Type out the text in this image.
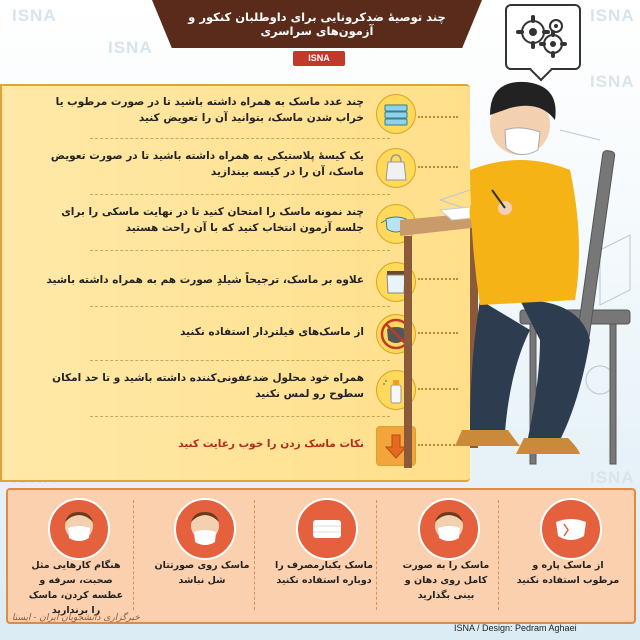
ISNA
ISNA
ISNA
ISNA
ISNA
چند توصیۀ ضدکرونایی برای داوطلبان کنکور و آزمون‌های سراسری
ISNA
چند عدد ماسک به همراه داشته باشید تا در صورت مرطوب یا خراب شدن ماسک، بتوانید آن را تعویض کنید
یک کیسۀ پلاستیکی به همراه داشته باشید تا در صورت تعویض ماسک، آن را در کیسه بیندازید
چند نمونه ماسک را امتحان کنید تا در نهایت ماسکی را برای جلسه آزمون انتخاب کنید که با آن راحت هستید
علاوه بر ماسک، ترجیحاً شیلدِ صورت هم به همراه داشته باشید
از ماسک‌های فیلتردار استفاده نکنید
همراه خود محلول ضدعفونی‌کننده داشته باشید و تا حد امکان سطوح رو لمس نکنید
نکات ماسک زدن را خوب رعایت کنید
از ماسک پاره و مرطوب استفاده نکنید
ماسک را به صورت کامل روی دهان و بینی بگذارید
ماسک یکبارمصرف را دوباره استفاده نکنید
ماسک روی صورتتان شل نباشد
هنگام کارهایی مثل صحبت، سرفه و عطسه کردن، ماسک را برندارید
ISNA / Design: Pedram Aghaei
خبرگزاری دانشجویان ایران - ایسنا
